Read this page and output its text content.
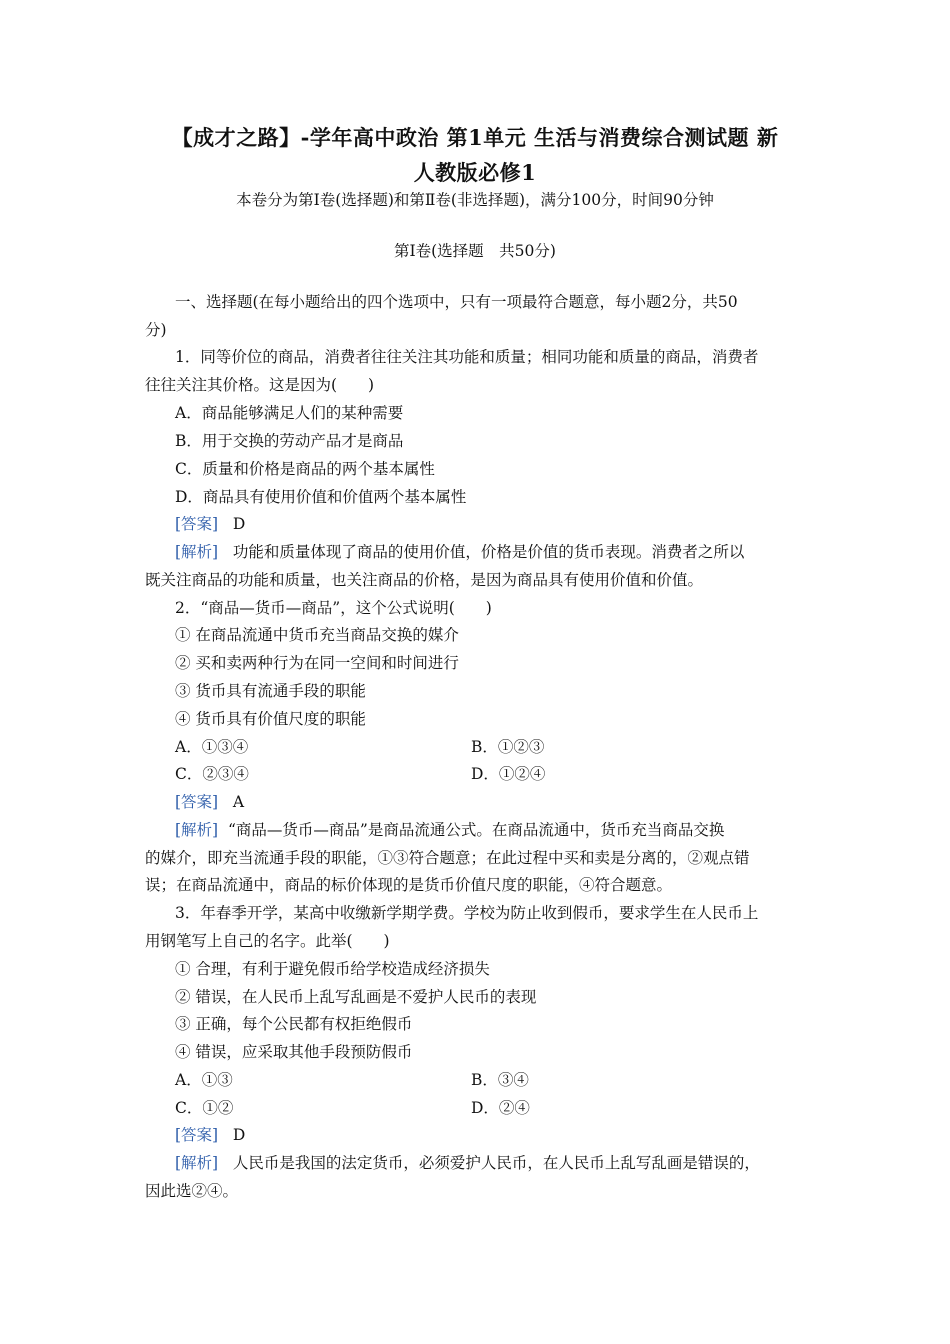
【成才之路】-学年高中政治 第1单元 生活与消费综合测试题 新
人教版必修1
本卷分为第Ⅰ卷(选择题)和第Ⅱ卷(非选择题)，满分100分，时间90分钟
第Ⅰ卷(选择题　共50分)
一、选择题(在每小题给出的四个选项中，只有一项最符合题意，每小题2分，共50
分)
1．同等价位的商品，消费者往往关注其功能和质量；相同功能和质量的商品，消费者
往往关注其价格。这是因为(　　)
A．商品能够满足人们的某种需要
B．用于交换的劳动产品才是商品
C．质量和价格是商品的两个基本属性
D．商品具有使用价值和价值两个基本属性
[答案] D
[解析] 功能和质量体现了商品的使用价值，价格是价值的货币表现。消费者之所以
既关注商品的功能和质量，也关注商品的价格，是因为商品具有使用价值和价值。
2．“商品—货币—商品”，这个公式说明(　　)
① 在商品流通中货币充当商品交换的媒介
② 买和卖两种行为在同一空间和时间进行
③ 货币具有流通手段的职能
④ 货币具有价值尺度的职能
A．①③④	B．①②③
C．②③④	D．①②④
[答案] A
[解析] “商品—货币—商品”是商品流通公式。在商品流通中，货币充当商品交换
的媒介，即充当流通手段的职能，①③符合题意；在此过程中买和卖是分离的，②观点错
误；在商品流通中，商品的标价体现的是货币价值尺度的职能，④符合题意。
3．年春季开学，某高中收缴新学期学费。学校为防止收到假币，要求学生在人民币上
用钢笔写上自己的名字。此举(　　)
① 合理，有利于避免假币给学校造成经济损失
② 错误，在人民币上乱写乱画是不爱护人民币的表现
③ 正确，每个公民都有权拒绝假币
④ 错误，应采取其他手段预防假币
A．①③	B．③④
C．①②	D．②④
[答案] D
[解析] 人民币是我国的法定货币，必须爱护人民币，在人民币上乱写乱画是错误的，
因此选②④。
